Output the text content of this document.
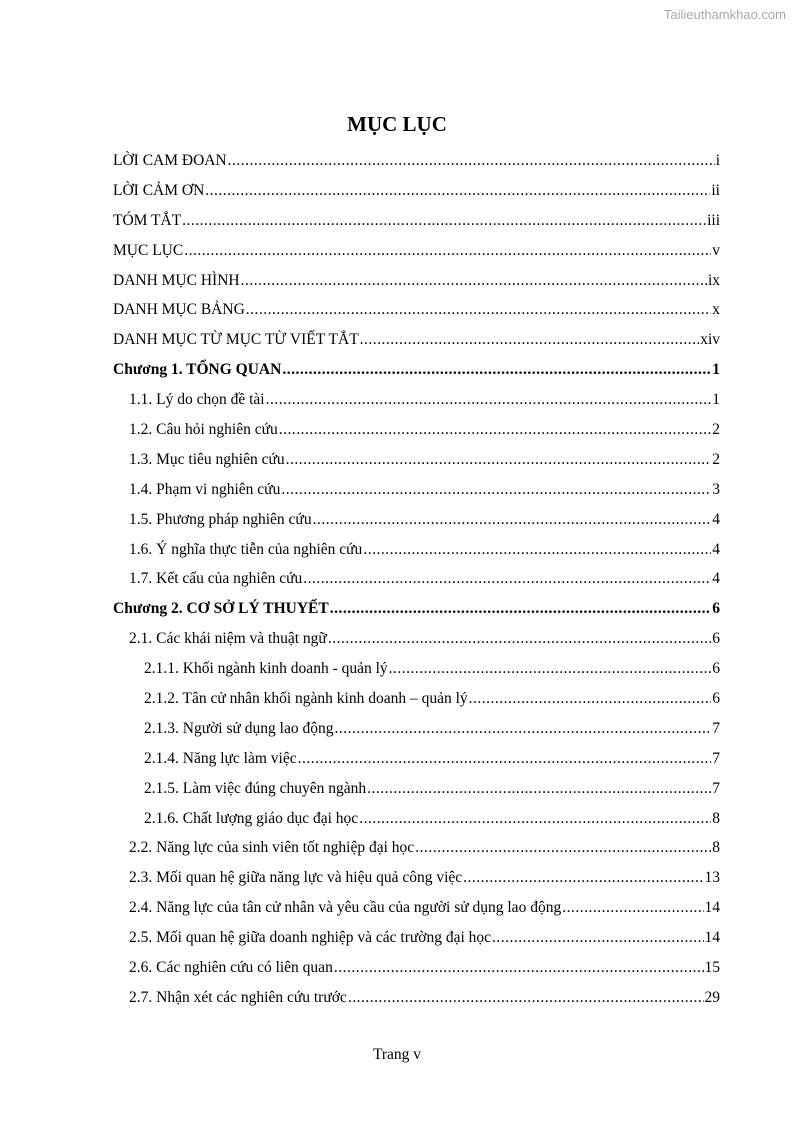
Tailieuthamkhao.com
MỤC LỤC
LỜI CAM ĐOAN .....	i
LỜI CẢM ƠN .....	ii
TÓM TẮT .....	iii
MỤC LỤC .....	v
DANH MỤC HÌNH .....	ix
DANH MỤC BẢNG .....	x
DANH MỤC TỪ MỤC TỪ VIẾT TẮT .....	xiv
Chương 1. TỔNG QUAN .....	1
1.1. Lý do chọn đề tài .....	1
1.2. Câu hỏi nghiên cứu .....	2
1.3. Mục tiêu nghiên cứu .....	2
1.4. Phạm vi nghiên cứu .....	3
1.5. Phương pháp nghiên cứu .....	4
1.6. Ý nghĩa thực tiễn của nghiên cứu .....	4
1.7. Kết cấu của nghiên cứu .....	4
Chương 2. CƠ SỞ LÝ THUYẾT .....	6
2.1. Các khái niệm và thuật ngữ .....	6
2.1.1. Khối ngành kinh doanh - quản lý .....	6
2.1.2. Tân cử nhân khối ngành kinh doanh – quản lý .....	6
2.1.3. Người sử dụng lao động .....	7
2.1.4. Năng lực làm việc .....	7
2.1.5. Làm việc đúng chuyên ngành .....	7
2.1.6. Chất lượng giáo dục đại học .....	8
2.2. Năng lực của sinh viên tốt nghiệp đại học .....	8
2.3. Mối quan hệ giữa năng lực và hiệu quả công việc .....	13
2.4. Năng lực của tân cử nhân và yêu cầu của người sử dụng lao động .....	14
2.5. Mối quan hệ giữa doanh nghiệp và các trường đại học .....	14
2.6. Các nghiên cứu có liên quan .....	15
2.7. Nhận xét các nghiên cứu trước .....	29
Trang v
